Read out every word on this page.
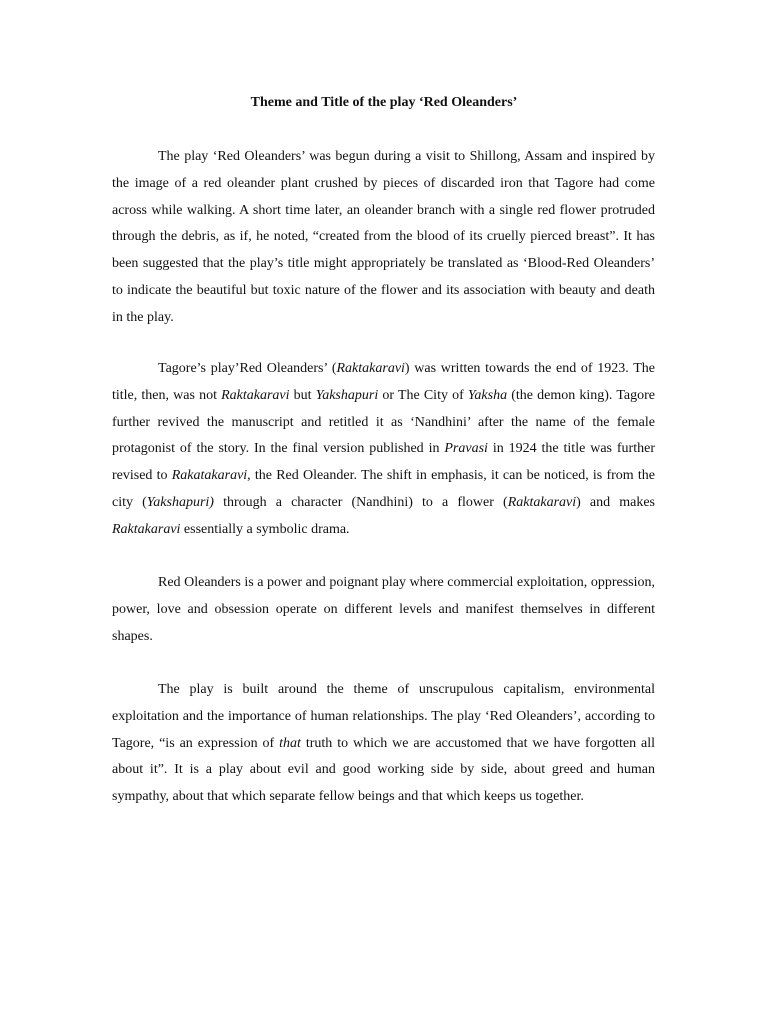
Theme and Title of the play ‘Red Oleanders’

The play ‘Red Oleanders’ was begun during a visit to Shillong, Assam and inspired by the image of a red oleander plant crushed by pieces of discarded iron that Tagore had come across while walking. A short time later, an oleander branch with a single red flower protruded through the debris, as if, he noted, “created from the blood of its cruelly pierced breast”. It has been suggested that the play’s title might appropriately be translated as ‘Blood-Red Oleanders’ to indicate the beautiful but toxic nature of the flower and its association with beauty and death in the play.

Tagore’s play’Red Oleanders’ (Raktakaravi) was written towards the end of 1923. The title, then, was not Raktakaravi but Yakshapuri or The City of Yaksha (the demon king). Tagore further revived the manuscript and retitled it as ‘Nandhini’ after the name of the female protagonist of the story. In the final version published in Pravasi in 1924 the title was further revised to Rakatakaravi, the Red Oleander. The shift in emphasis, it can be noticed, is from the city (Yakshapuri) through a character (Nandhini) to a flower (Raktakaravi) and makes Raktakaravi essentially a symbolic drama.

Red Oleanders is a power and poignant play where commercial exploitation, oppression, power, love and obsession operate on different levels and manifest themselves in different shapes.

The play is built around the theme of unscrupulous capitalism, environmental exploitation and the importance of human relationships. The play ‘Red Oleanders’, according to Tagore, “is an expression of that truth to which we are accustomed that we have forgotten all about it”. It is a play about evil and good working side by side, about greed and human sympathy, about that which separate fellow beings and that which keeps us together.
